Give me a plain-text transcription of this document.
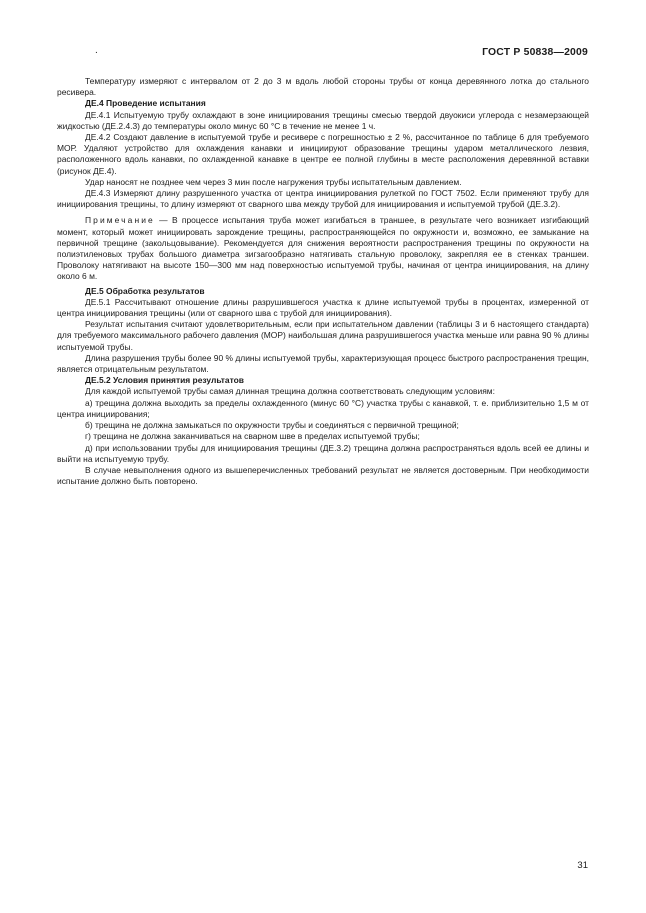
.	ГОСТ Р 50838—2009

Температуру измеряют с интервалом от 2 до 3 м вдоль любой стороны трубы от конца деревянного лотка до стального ресивера.

ДЕ.4 Проведение испытания

ДЕ.4.1 Испытуемую трубу охлаждают в зоне инициирования трещины смесью твердой двуокиси углерода с незамерзающей жидкостью (ДЕ.2.4.3) до температуры около минус 60 °С в течение не менее 1 ч.

ДЕ.4.2 Создают давление в испытуемой трубе и ресивере с погрешностью ± 2 %, рассчитанное по таблице 6 для требуемого МОР. Удаляют устройство для охлаждения канавки и инициируют образование трещины ударом металлического лезвия, расположенного вдоль канавки, по охлажденной канавке в центре ее полной глубины в месте расположения деревянной вставки (рисунок ДЕ.4).

Удар наносят не позднее чем через 3 мин после нагружения трубы испытательным давлением.

ДЕ.4.3 Измеряют длину разрушенного участка от центра инициирования рулеткой по ГОСТ 7502. Если применяют трубу для инициирования трещины, то длину измеряют от сварного шва между трубой для инициирования и испытуемой трубой (ДЕ.3.2).

Примечание — В процессе испытания труба может изгибаться в траншее, в результате чего возникает изгибающий момент, который может инициировать зарождение трещины, распространяющейся по окружности и, возможно, ее замыкание на первичной трещине (закольцовывание). Рекомендуется для снижения вероятности распространения трещины по окружности на полиэтиленовых трубах большого диаметра зигзагообразно натягивать стальную проволоку, закрепляя ее в стенках траншеи. Проволоку натягивают на высоте 150—300 мм над поверхностью испытуемой трубы, начиная от центра инициирования, на длину около 6 м.

ДЕ.5 Обработка результатов

ДЕ.5.1 Рассчитывают отношение длины разрушившегося участка к длине испытуемой трубы в процентах, измеренной от центра инициирования трещины (или от сварного шва с трубой для инициирования).

Результат испытания считают удовлетворительным, если при испытательном давлении (таблицы 3 и 6 настоящего стандарта) для требуемого максимального рабочего давления (МОР) наибольшая длина разрушившегося участка меньше или равна 90 % длины испытуемой трубы.

Длина разрушения трубы более 90 % длины испытуемой трубы, характеризующая процесс быстрого распространения трещин, является отрицательным результатом.

ДЕ.5.2 Условия принятия результатов

Для каждой испытуемой трубы самая длинная трещина должна соответствовать следующим условиям:

а) трещина должна выходить за пределы охлажденного (минус 60 °С) участка трубы с канавкой, т. е. приблизительно 1,5 м от центра инициирования;

б) трещина не должна замыкаться по окружности трубы и соединяться с первичной трещиной;

г) трещина не должна заканчиваться на сварном шве в пределах испытуемой трубы;

д) при использовании трубы для инициирования трещины (ДЕ.3.2) трещина должна распространяться вдоль всей ее длины и выйти на испытуемую трубу.

В случае невыполнения одного из вышеперечисленных требований результат не является достоверным. При необходимости испытание должно быть повторено.

31
